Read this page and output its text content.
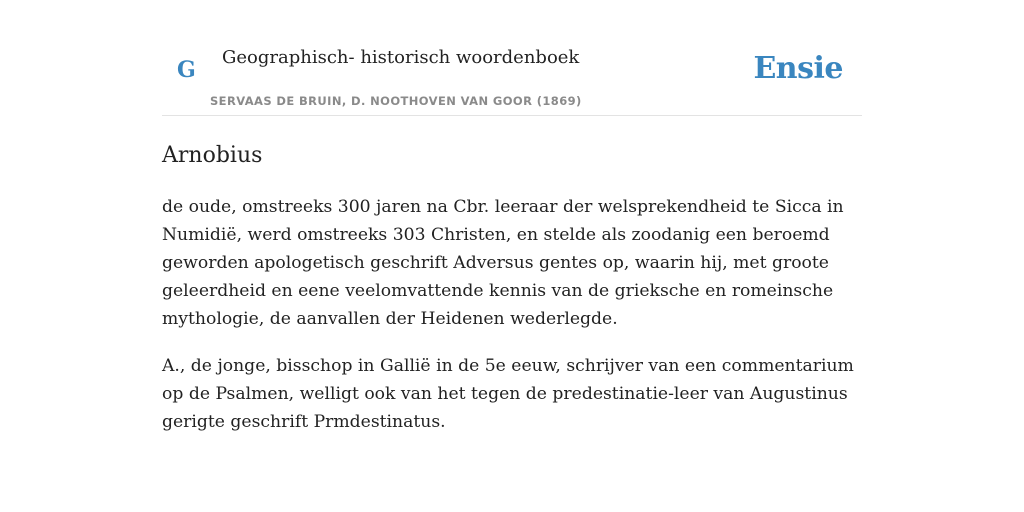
G Geographisch- historisch woordenboek
SERVAAS DE BRUIN, D. NOOTHOVEN VAN GOOR (1869)
Ensie
Arnobius

de oude, omstreeks 300 jaren na Cbr. leeraar der welsprekendheid te Sicca in Numidië, werd omstreeks 303 Christen, en stelde als zoodanig een beroemd geworden apologetisch geschrift Adversus gentes op, waarin hij, met groote geleerdheid en eene veelomvattende kennis van de grieksche en romeinsche mythologie, de aanvallen der Heidenen wederlegde.

A., de jonge, bisschop in Gallië in de 5e eeuw, schrijver van een commentarium op de Psalmen, welligt ook van het tegen de predestinatie-leer van Augustinus gerigte geschrift Prmdestinatus.
